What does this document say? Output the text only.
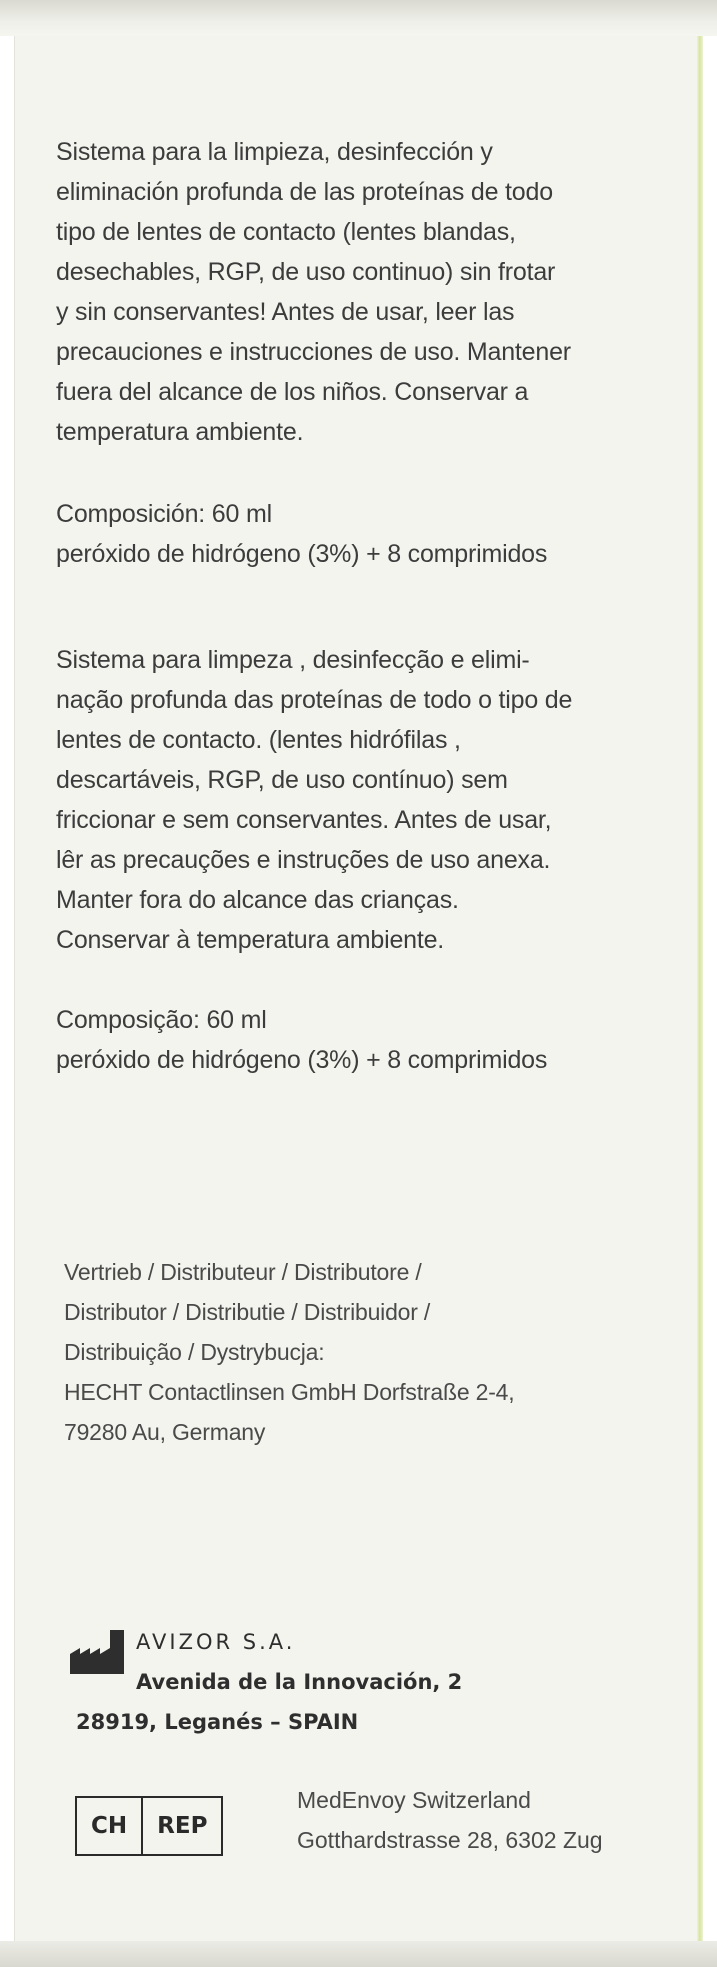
Sistema para la limpieza, desinfección y
eliminación profunda de las proteínas de todo
tipo de lentes de contacto (lentes blandas,
desechables, RGP, de uso continuo) sin frotar
y sin conservantes! Antes de usar, leer las
precauciones e instrucciones de uso. Mantener
fuera del alcance de los niños. Conservar a
temperatura ambiente.

Composición: 60 ml
peróxido de hidrógeno (3%) + 8 comprimidos

Sistema para limpeza , desinfecção e elimi-
nação profunda das proteínas de todo o tipo de
lentes de contacto. (lentes hidrófilas ,
descartáveis, RGP, de uso contínuo) sem
friccionar e sem conservantes. Antes de usar,
lêr as precauções e instruções de uso anexa.
Manter fora do alcance das crianças.
Conservar à temperatura ambiente.

Composição: 60 ml
peróxido de hidrógeno (3%) + 8 comprimidos

Vertrieb / Distributeur / Distributore /
Distributor / Distributie / Distribuidor /
Distribuição / Dystrybucja:
HECHT Contactlinsen GmbH Dorfstraße 2-4,
79280 Au, Germany

AVIZOR S.A.
Avenida de la Innovación, 2
28919, Leganés – SPAIN
CH	REP
MedEnvoy Switzerland
Gotthardstrasse 28, 6302 Zug
